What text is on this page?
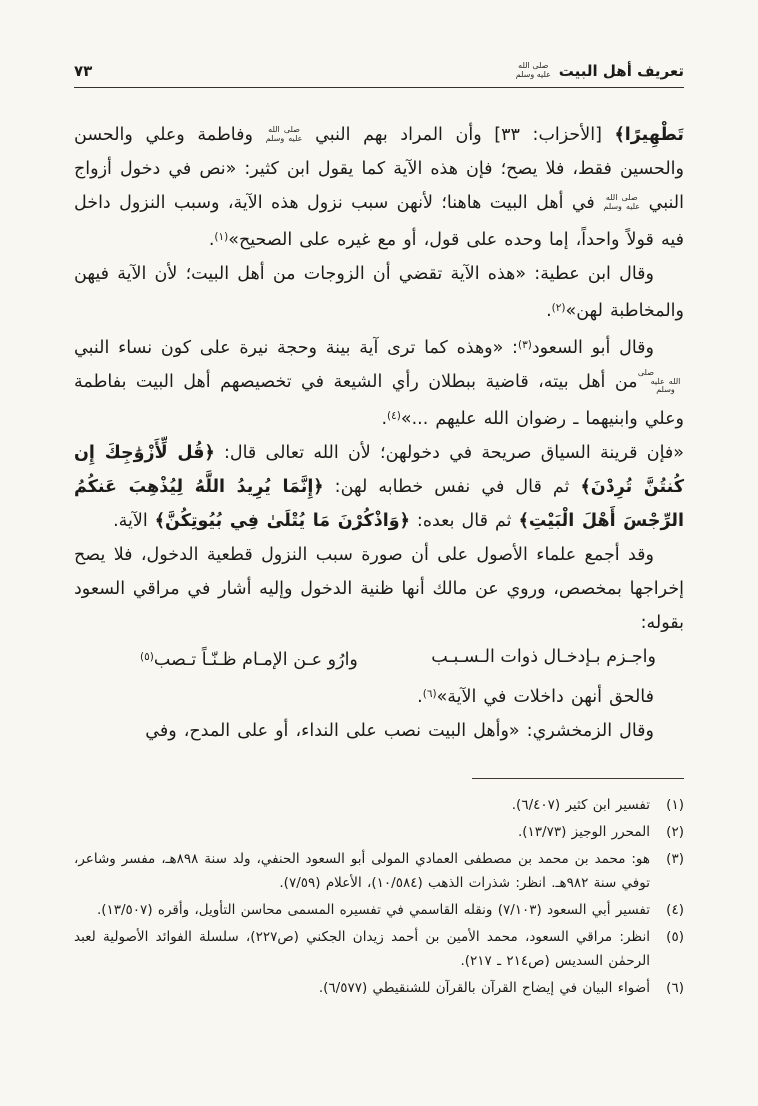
تعريف أهل البيت
صلى الله عليه وسلم
٧٣

تَطْهِيرًا﴾ [الأحزاب: ٣٣] وأن المراد بهم النبي صلى الله عليه وسلم وفاطمة وعلي والحسن والحسين فقط، فلا يصح؛ فإن هذه الآية كما يقول ابن كثير: «نص في دخول أزواج النبي صلى الله عليه وسلم في أهل البيت هاهنا؛ لأنهن سبب نزول هذه الآية، وسبب النزول داخل فيه قولاً واحداً، إما وحده على قول، أو مع غيره على الصحيح»$^{(١)}$.

وقال ابن عطية: «هذه الآية تقضي أن الزوجات من أهل البيت؛ لأن الآية فيهن والمخاطبة لهن»$^{(٢)}$.

وقال أبو السعود$^{(٣)}$: «وهذه كما ترى آية بينة وحجة نيرة على كون نساء النبي صلى الله عليه وسلم من أهل بيته، قاضية ببطلان رأي الشيعة في تخصيصهم أهل البيت بفاطمة وعلي وابنيهما ـ رضوان الله عليهم ...»$^{(٤)}$.

«فإن قرينة السياق صريحة في دخولهن؛ لأن الله تعالى قال: ﴿قُل لِّأَزْوَٰجِكَ إِن كُنتُنَّ تُرِدْنَ﴾ ثم قال في نفس خطابه لهن: ﴿إِنَّمَا يُرِيدُ اللَّهُ لِيُذْهِبَ عَنكُمُ الرِّجْسَ أَهْلَ الْبَيْتِ﴾ ثم قال بعده: ﴿وَاذْكُرْنَ مَا يُتْلَىٰ فِي بُيُوتِكُنَّ﴾ الآية.

وقد أجمع علماء الأصول على أن صورة سبب النزول قطعية الدخول، فلا يصح إخراجها بمخصص، وروي عن مالك أنها ظنية الدخول وإليه أشار في مراقي السعود بقوله:

واجـزم بـإدخـال ذوات الـسـبـب
وارُو عـن الإمـام ظـنّـاً تـصب$^{(٥)}$

فالحق أنهن داخلات في الآية»$^{(٦)}$.

وقال الزمخشري: «وأهل البيت نصب على النداء، أو على المدح، وفي

(١)
تفسير ابن كثير (٦/٤٠٧).
(٢)
المحرر الوجيز (١٣/٧٣).
(٣)
هو: محمد بن محمد بن مصطفى العمادي المولى أبو السعود الحنفي، ولد سنة ٨٩٨هـ، مفسر وشاعر، توفي سنة ٩٨٢هـ. انظر: شذرات الذهب (١٠/٥٨٤)، الأعلام (٧/٥٩).
(٤)
تفسير أبي السعود (٧/١٠٣) ونقله القاسمي في تفسيره المسمى محاسن التأويل، وأقره (١٣/٥٠٧).
(٥)
انظر: مراقي السعود، محمد الأمين بن أحمد زيدان الجكني (ص٢٢٧)، سلسلة الفوائد الأصولية لعبد الرحمٰن السديس (ص٢١٤ ـ ٢١٧).
(٦)
أضواء البيان في إيضاح القرآن بالقرآن للشنقيطي (٦/٥٧٧).
